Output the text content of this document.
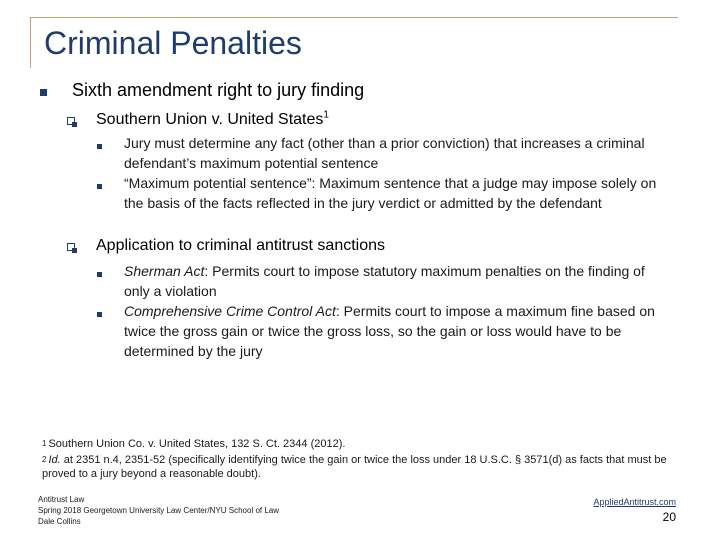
Criminal Penalties
Sixth amendment right to jury finding
Southern Union v. United States$^1$
Jury must determine any fact (other than a prior conviction) that increases a criminal defendant’s maximum potential sentence
“Maximum potential sentence”: Maximum sentence that a judge may impose solely on the basis of the facts reflected in the jury verdict or admitted by the defendant
Application to criminal antitrust sanctions
Sherman Act: Permits court to impose statutory maximum penalties on the finding of only a violation
Comprehensive Crime Control Act: Permits court to impose a maximum fine based on twice the gross gain or twice the gross loss, so the gain or loss would have to be determined by the jury
$^1$ Southern Union Co. v. United States, 132 S. Ct. 2344 (2012).
$^2$ Id. at 2351 n.4, 2351-52 (specifically identifying twice the gain or twice the loss under 18 U.S.C. § 3571(d) as facts that must be proved to a jury beyond a reasonable doubt).
Antitrust Law
Spring 2018 Georgetown University Law Center/NYU School of Law
Dale Collins
AppliedAntitrust.com
20
